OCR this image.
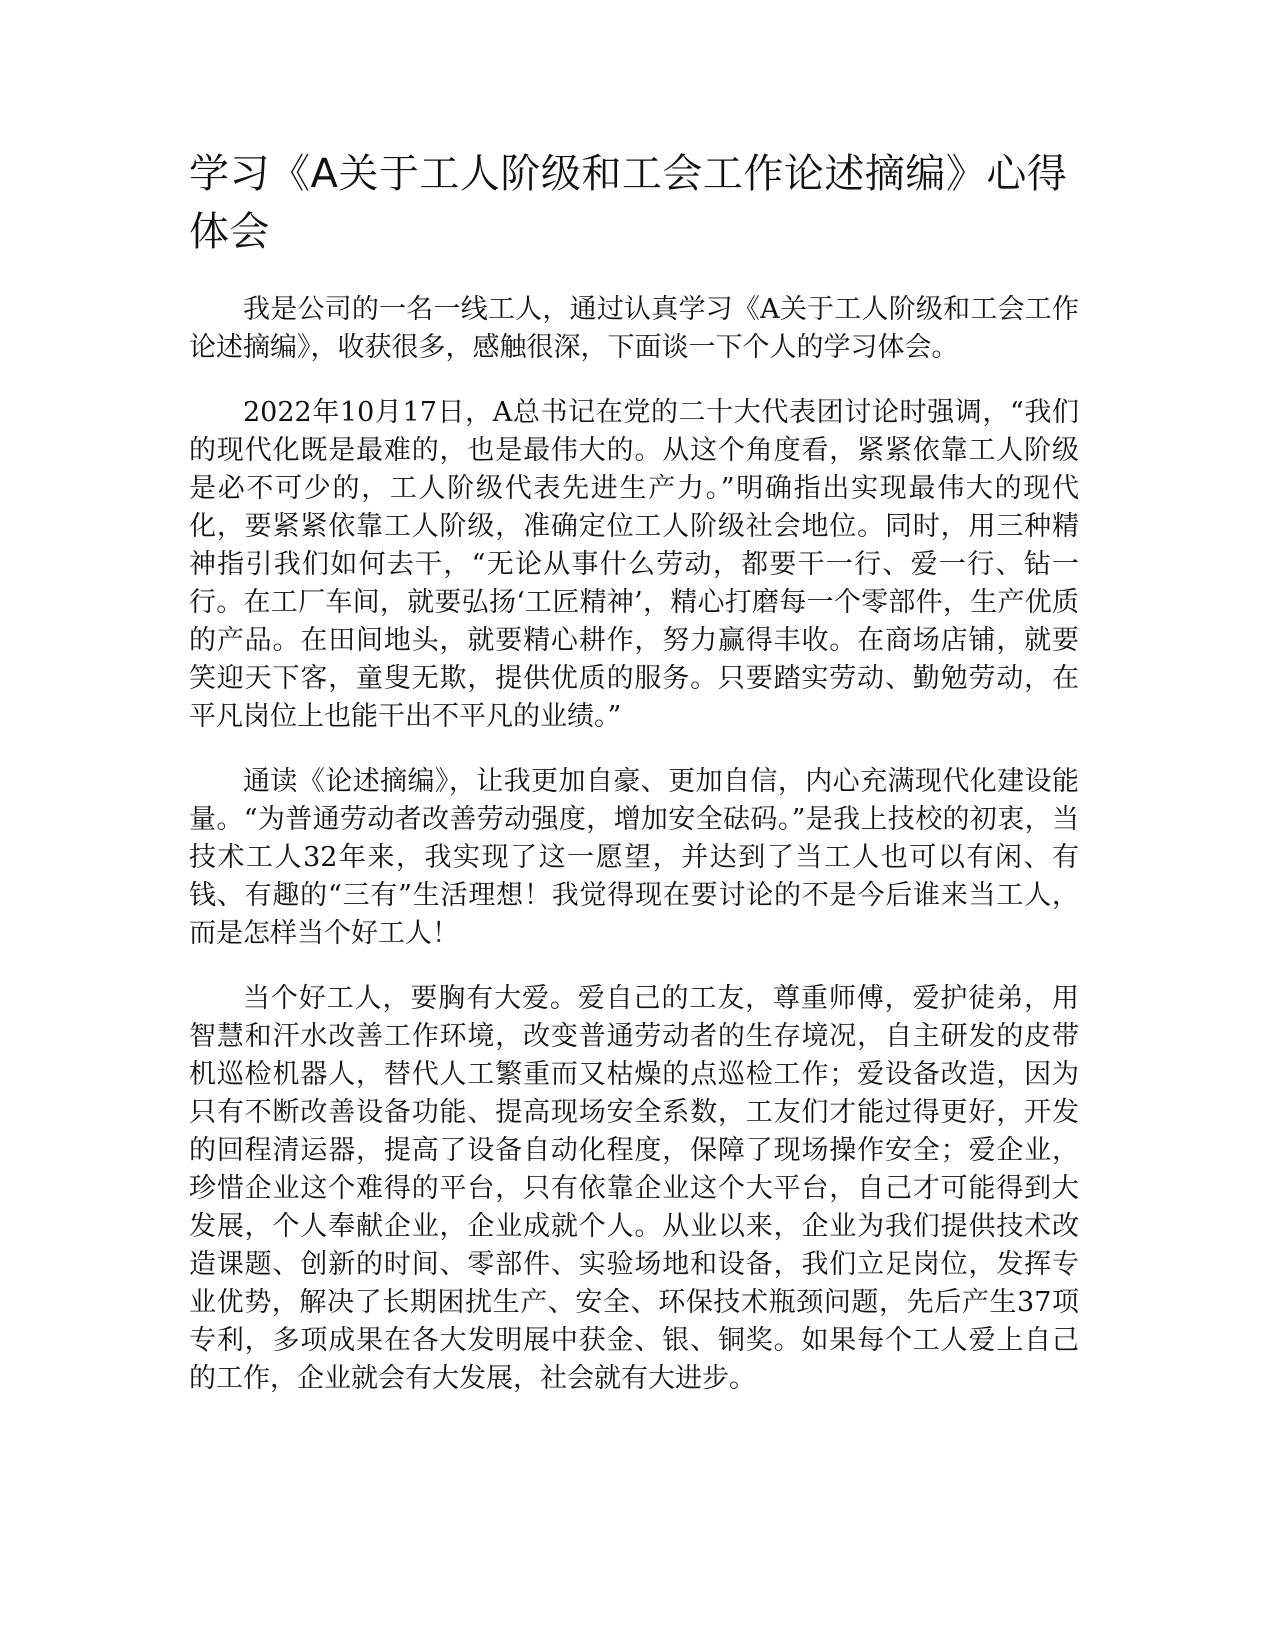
学习《A关于工人阶级和工会工作论述摘编》心得体会

我是公司的一名一线工人，通过认真学习《A关于工人阶级和工会工作论述摘编》，收获很多，感触很深，下面谈一下个人的学习体会。

2022年10月17日，A总书记在党的二十大代表团讨论时强调，“我们的现代化既是最难的，也是最伟大的。从这个角度看，紧紧依靠工人阶级是必不可少的，工人阶级代表先进生产力。”明确指出实现最伟大的现代化，要紧紧依靠工人阶级，准确定位工人阶级社会地位。同时，用三种精神指引我们如何去干，“无论从事什么劳动，都要干一行、爱一行、钻一行。在工厂车间，就要弘扬‘工匠精神’，精心打磨每一个零部件，生产优质的产品。在田间地头，就要精心耕作，努力赢得丰收。在商场店铺，就要笑迎天下客，童叟无欺，提供优质的服务。只要踏实劳动、勤勉劳动，在平凡岗位上也能干出不平凡的业绩。”

通读《论述摘编》，让我更加自豪、更加自信，内心充满现代化建设能量。“为普通劳动者改善劳动强度，增加安全砝码。”是我上技校的初衷，当技术工人32年来，我实现了这一愿望，并达到了当工人也可以有闲、有钱、有趣的“三有”生活理想！我觉得现在要讨论的不是今后谁来当工人，而是怎样当个好工人！

当个好工人，要胸有大爱。爱自己的工友，尊重师傅，爱护徒弟，用智慧和汗水改善工作环境，改变普通劳动者的生存境况，自主研发的皮带机巡检机器人，替代人工繁重而又枯燥的点巡检工作；爱设备改造，因为只有不断改善设备功能、提高现场安全系数，工友们才能过得更好，开发的回程清运器，提高了设备自动化程度，保障了现场操作安全；爱企业，珍惜企业这个难得的平台，只有依靠企业这个大平台，自己才可能得到大发展，个人奉献企业，企业成就个人。从业以来，企业为我们提供技术改造课题、创新的时间、零部件、实验场地和设备，我们立足岗位，发挥专业优势，解决了长期困扰生产、安全、环保技术瓶颈问题，先后产生37项专利，多项成果在各大发明展中获金、银、铜奖。如果每个工人爱上自己的工作，企业就会有大发展，社会就有大进步。
